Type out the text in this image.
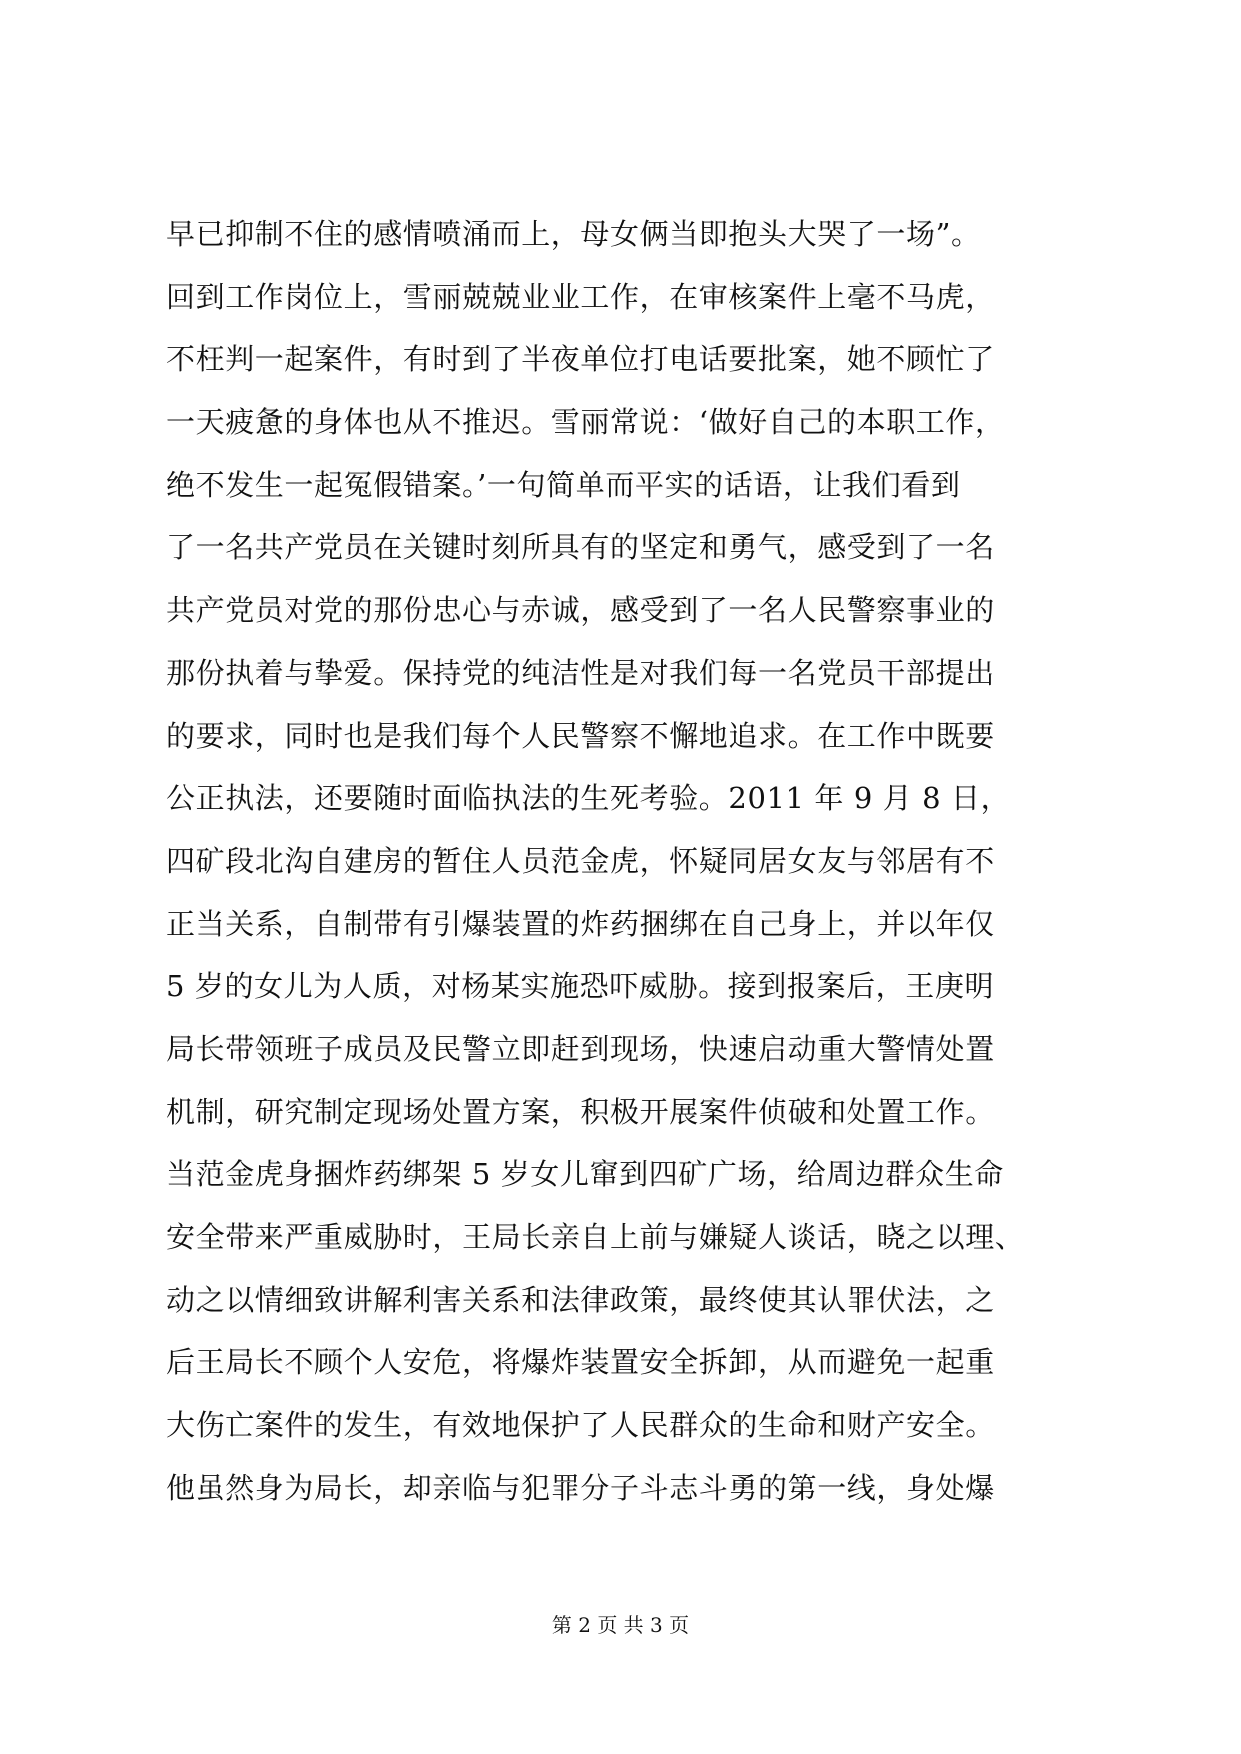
早已抑制不住的感情喷涌而上，母女俩当即抱头大哭了一场”。
回到工作岗位上，雪丽兢兢业业工作，在审核案件上毫不马虎，
不枉判一起案件，有时到了半夜单位打电话要批案，她不顾忙了
一天疲惫的身体也从不推迟。雪丽常说：‘做好自己的本职工作，
绝不发生一起冤假错案。’一句简单而平实的话语，让我们看到
了一名共产党员在关键时刻所具有的坚定和勇气，感受到了一名
共产党员对党的那份忠心与赤诚，感受到了一名人民警察事业的
那份执着与挚爱。保持党的纯洁性是对我们每一名党员干部提出
的要求，同时也是我们每个人民警察不懈地追求。在工作中既要
公正执法，还要随时面临执法的生死考验。2011 年 9 月 8 日，
四矿段北沟自建房的暂住人员范金虎，怀疑同居女友与邻居有不
正当关系，自制带有引爆装置的炸药捆绑在自己身上，并以年仅
5 岁的女儿为人质，对杨某实施恐吓威胁。接到报案后，王庚明
局长带领班子成员及民警立即赶到现场，快速启动重大警情处置
机制，研究制定现场处置方案，积极开展案件侦破和处置工作。
当范金虎身捆炸药绑架 5 岁女儿窜到四矿广场，给周边群众生命
安全带来严重威胁时，王局长亲自上前与嫌疑人谈话，晓之以理、
动之以情细致讲解利害关系和法律政策，最终使其认罪伏法，之
后王局长不顾个人安危，将爆炸装置安全拆卸，从而避免一起重
大伤亡案件的发生，有效地保护了人民群众的生命和财产安全。
他虽然身为局长，却亲临与犯罪分子斗志斗勇的第一线，身处爆
第 2 页 共 3 页
